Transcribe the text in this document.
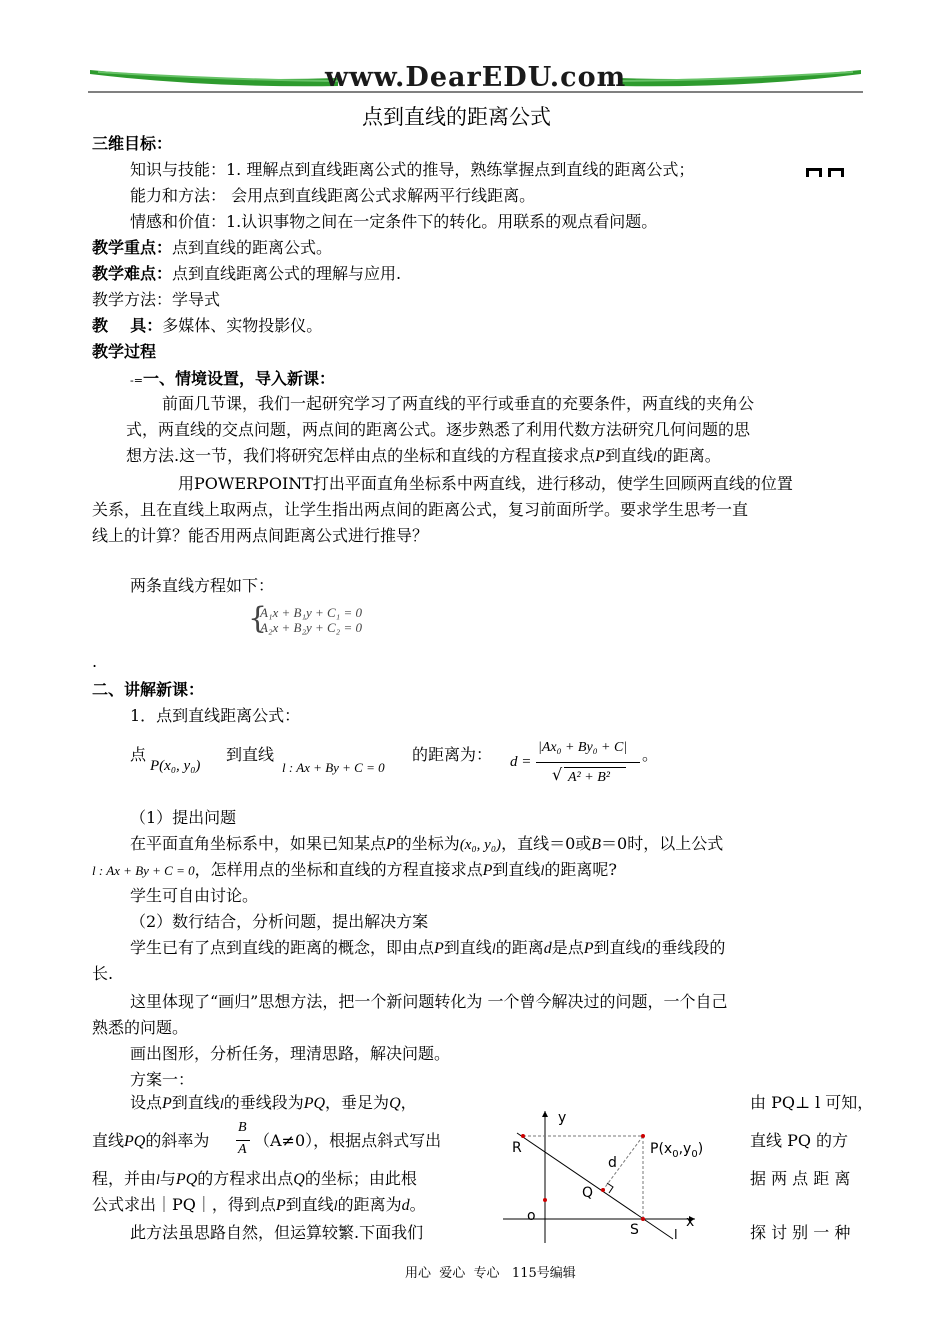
www.DearEDU.com
点到直线的距离公式
三维目标：
知识与技能：1. 理解点到直线距离公式的推导，熟练掌握点到直线的距离公式；
能力和方法： 会用点到直线距离公式求解两平行线距离。
情感和价值：1.认识事物之间在一定条件下的转化。用联系的观点看问题。
教学重点：点到直线的距离公式。
教学难点：点到直线距离公式的理解与应用.
教学方法：学导式
教    具：多媒体、实物投影仪。
教学过程
-=一、情境设置，导入新课：
前面几节课，我们一起研究学习了两直线的平行或垂直的充要条件，两直线的夹角公
式，两直线的交点问题，两点间的距离公式。逐步熟悉了利用代数方法研究几何问题的思
想方法.这一节，我们将研究怎样由点的坐标和直线的方程直接求点P到直线l的距离。
用POWERPOINT打出平面直角坐标系中两直线，进行移动，使学生回顾两直线的位置
关系，且在直线上取两点，让学生指出两点间的距离公式，复习前面所学。要求学生思考一直
线上的计算？能否用两点间距离公式进行推导？
两条直线方程如下：
{
A₁x + B₁y + C₁ = 0
A₂x + B₂y + C₂ = 0
.
二、讲解新课：
1．点到直线距离公式：
点
P(x₀, y₀)
到直线
l : Ax + By + C = 0
的距离为： d =
|Ax₀ + By₀ + C|
√ A² + B²
。
（1）提出问题
在平面直角坐标系中，如果已知某点P的坐标为(x₀, y₀)，直线＝0或B＝0时，以上公式
l : Ax + By + C = 0，怎样用点的坐标和直线的方程直接求点P到直线l的距离呢?
学生可自由讨论。
（2）数行结合，分析问题，提出解决方案
学生已有了点到直线的距离的概念，即由点P到直线l的距离d是点P到直线l的垂线段的
长.
这里体现了“画归”思想方法，把一个新问题转化为 一个曾今解决过的问题，一个自己
熟悉的问题。
画出图形，分析任务，理清思路，解决问题。
方案一：
设点P到直线l的垂线段为PQ，垂足为Q，
直线PQ的斜率为
B
A （A≠0），根据点斜式写出
程，并由l与PQ的方程求出点Q的坐标；由此根
公式求出｜PQ｜，得到点P到直线l的距离为d。
此方法虽思路自然，但运算较繁.下面我们
由 PQ⊥ l 可知，
直线 PQ 的方
据 两 点 距 离
探 讨 别 一 种
y
R	$P(x_0,y_0)$
d
Q
o	x
S	l
用心  爱心  专心   115号编辑
